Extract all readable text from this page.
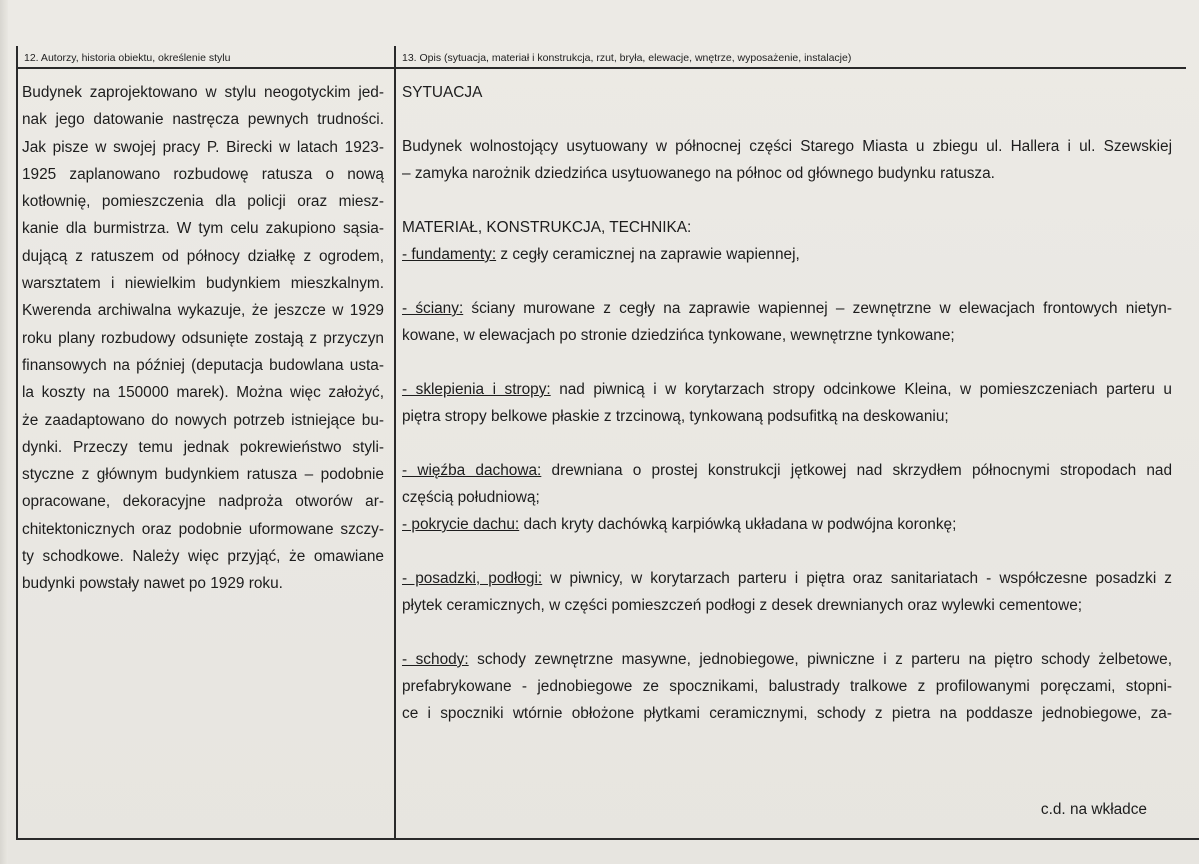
12. Autorzy, historia obiektu, określenie stylu	13. Opis (sytuacja, materiał i konstrukcja, rzut, bryła, elewacje, wnętrze, wyposażenie, instalacje)
Budynek zaprojektowano w stylu neogotyckim jed-
nak jego datowanie nastręcza pewnych trudności.
Jak pisze w swojej pracy P. Birecki w latach 1923-
1925 zaplanowano rozbudowę ratusza o nową
kotłownię, pomieszczenia dla policji oraz miesz-
kanie dla burmistrza. W tym celu zakupiono sąsia-
dującą z ratuszem od północy działkę z ogrodem,
warsztatem i niewielkim budynkiem mieszkalnym.
Kwerenda archiwalna wykazuje, że jeszcze w 1929
roku plany rozbudowy odsunięte zostają z przyczyn
finansowych na później (deputacja budowlana usta-
la koszty na 150000 marek). Można więc założyć,
że zaadaptowano do nowych potrzeb istniejące bu-
dynki. Przeczy temu jednak pokrewieństwo styli-
styczne z głównym budynkiem ratusza – podobnie
opracowane, dekoracyjne nadproża otworów ar-
chitektonicznych oraz podobnie uformowane szczy-
ty schodkowe. Należy więc przyjąć, że omawiane
budynki powstały nawet po 1929 roku.
SYTUACJA
Budynek wolnostojący usytuowany w północnej części Starego Miasta u zbiegu ul. Hallera i ul. Szewskiej
– zamyka narożnik dziedzińca usytuowanego na północ od głównego budynku ratusza.
MATERIAŁ, KONSTRUKCJA, TECHNIKA:
- fundamenty: z cegły ceramicznej na zaprawie wapiennej,
- ściany: ściany murowane z cegły na zaprawie wapiennej – zewnętrzne w elewacjach frontowych nietyn-
kowane, w elewacjach po stronie dziedzińca tynkowane, wewnętrzne tynkowane;
- sklepienia i stropy: nad piwnicą i w korytarzach stropy odcinkowe Kleina, w pomieszczeniach parteru u
piętra stropy belkowe płaskie z trzcinową, tynkowaną podsufitką na deskowaniu;
- więźba dachowa: drewniana o prostej konstrukcji jętkowej nad skrzydłem północnymi stropodach nad
częścią południową;
- pokrycie dachu: dach kryty dachówką karpiówką układana w podwójna koronkę;
- posadzki, podłogi: w piwnicy, w korytarzach parteru i piętra oraz sanitariatach - współczesne posadzki z
płytek ceramicznych, w części pomieszczeń podłogi z desek drewnianych oraz wylewki cementowe;
- schody: schody zewnętrzne masywne, jednobiegowe, piwniczne i z parteru na piętro schody żelbetowe,
prefabrykowane - jednobiegowe ze spocznikami, balustrady tralkowe z profilowanymi poręczami, stopni-
ce i spoczniki wtórnie obłożone płytkami ceramicznymi, schody z pietra na poddasze jednobiegowe, za-
c.d. na wkładce
